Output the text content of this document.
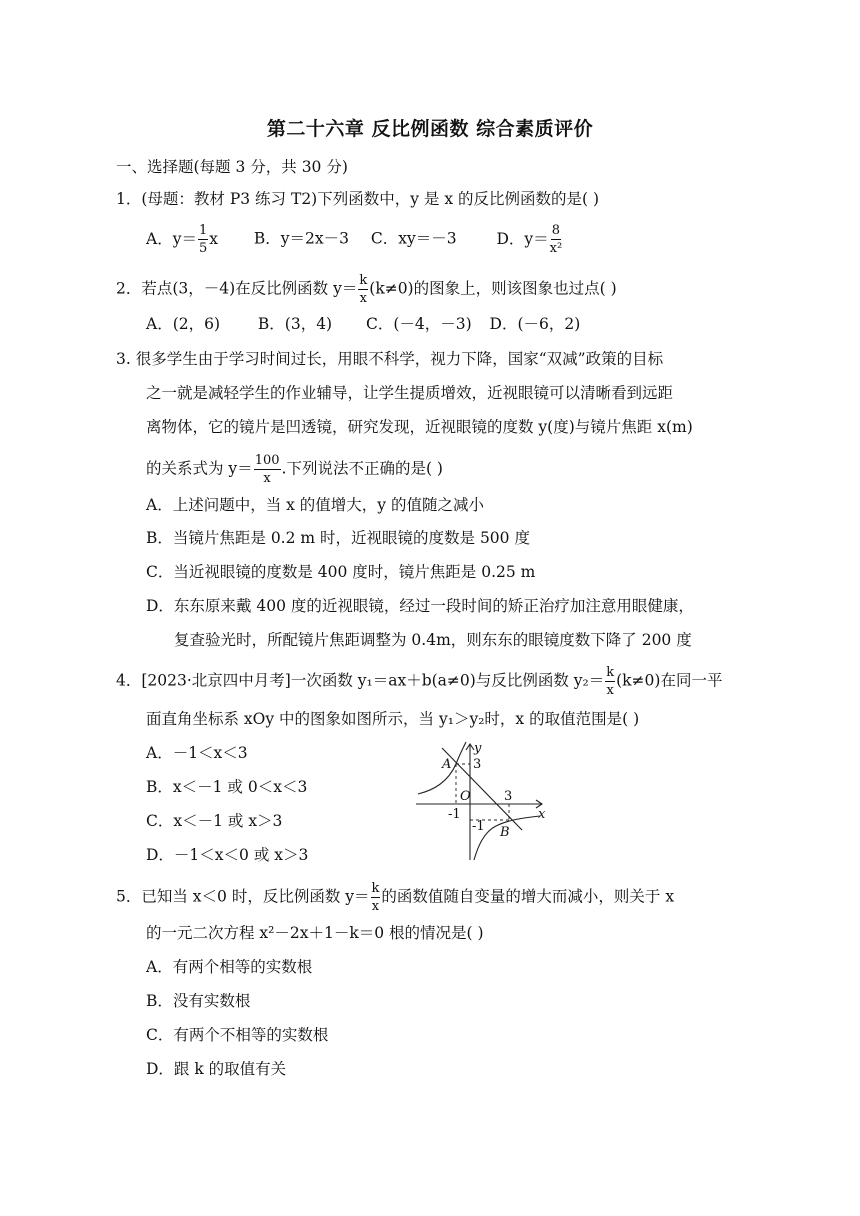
第二十六章 反比例函数 综合素质评价
一、选择题(每题 3 分，共 30 分)
1．(母题：教材 P3 练习 T2)下列函数中，y 是 x 的反比例函数的是( )
A．$y= \frac{1}{5}$ x B．y＝2x－3 C．xy＝－3	D．$y= \frac{8}{\text{x²}}$
2．若点(3，－4)在反比例函数 $y= \frac{k}{x} (k\ne 0)$的图象上，则该图象也过点( )
A．(2，6) B．(3，4) C．(－4，－3) D．(－6，2)
3. 很多学生由于学习时间过长，用眼不科学，视力下降，国家“双减”政策的目标
之一就是减轻学生的作业辅导，让学生提质增效，近视眼镜可以清晰看到远距
离物体，它的镜片是凹透镜，研究发现，近视眼镜的度数 y(度)与镜片焦距 x(m)
的关系式为 $y= \frac{100}{x}$ .下列说法不正确的是( )
A．上述问题中，当 x 的值增大，y 的值随之减小
B．当镜片焦距是 0.2 m 时，近视眼镜的度数是 500 度
C．当近视眼镜的度数是 400 度时，镜片焦距是 0.25 m
D．东东原来戴 400 度的近视眼镜，经过一段时间的矫正治疗加注意用眼健康，
复查验光时，所配镜片焦距调整为 0.4m，则东东的眼镜度数下降了 200 度
4．[2023·北京四中月考]一次函数 y₁＝ax＋b(a≠0)与反比例函数 $y_2= \frac{k}{x} (k\ne 0)$在同一平
面直角坐标系 xOy 中的图象如图所示，当 y₁＞y₂时，x 的取值范围是( )
A．－1＜x＜3
B．x＜－1 或 0＜x＜3
C．x＜－1 或 x＞3
D．－1＜x＜0 或 x＞3
y
x
O
A
B
3
3
-1
-1
5．已知当 x＜0 时，反比例函数 $y= \frac{k}{x}$ 的函数值随自变量的增大而减小，则关于 x
的一元二次方程 x²－2x＋1－k＝0 根的情况是( )
A．有两个相等的实数根
B．没有实数根
C．有两个不相等的实数根
D．跟 k 的取值有关
